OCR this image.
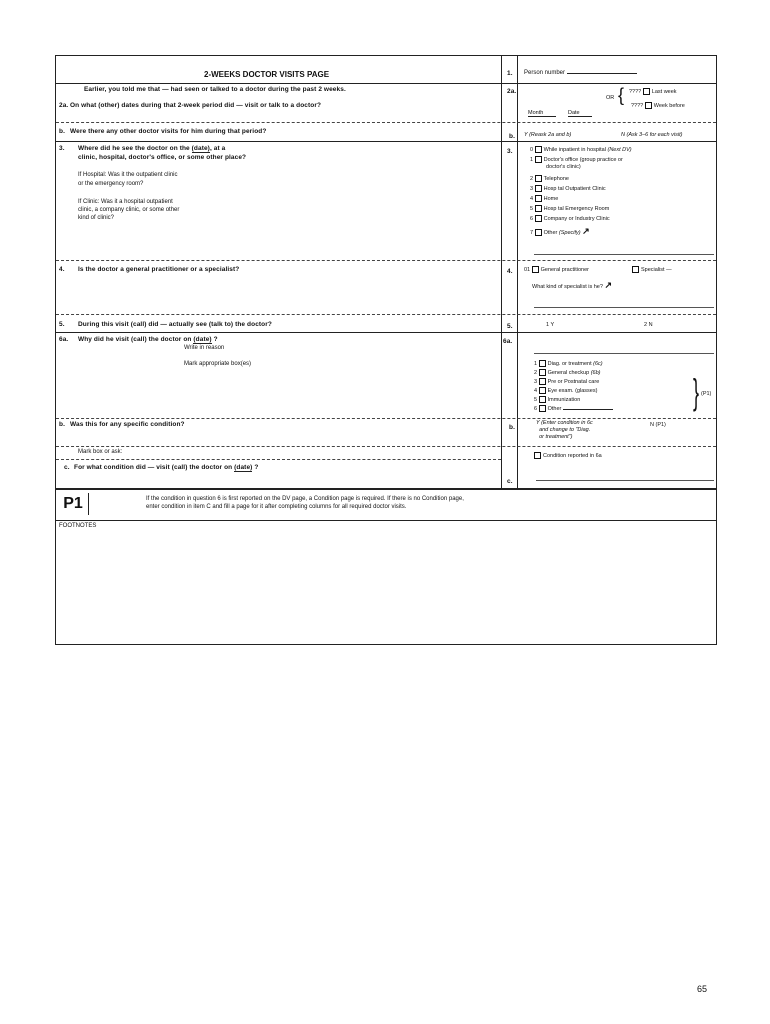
2-WEEKS DOCTOR VISITS PAGE	1. Person number
Earlier, you told me that — had seen or talked to a doctor during the past 2 weeks.
2a. On what (other) dates during that 2-week period did — visit or talk to a doctor?
2a.
OR { ???? Last week
???? Week before
Month	Date
b. Were there any other doctor visits for him during that period?
b. Y (Reask 2a and b)	N (Ask 3–6 for each visit)
3. Where did he see the doctor on the (date), at a
clinic, hospital, doctor's office, or some other place?
If Hospital: Was it the outpatient clinic
or the emergency room?
If Clinic: Was it a hospital outpatient
clinic, a company clinic, or some other
kind of clinic?
3.	0 While inpatient in hospital (Next DV)
1 Doctor's office (group practice or
doctor's clinic)
2 Telephone
3 Hosp tal Outpatient Clinic
4 Home
5 Hosp tal Emergency Room
6 Company or Industry Clinic
7 Other (Specify) ↗
4. Is the doctor a general practitioner or a specialist?	4. 01 General practitioner	Specialist —
What kind of specialist is he? ↗
5. During this visit (call) did — actually see (talk to) the doctor?	5.	1 Y	2 N
6a. Why did he visit (call) the doctor on (date) ?
Write in reason
Mark appropriate box(es)
6a.
1 Diag. or treatment (6c)
2 General checkup (6b)
3 Pre or Postnatal care
4 Eye exam. (glasses)
5 Immunization
6 Other	} (P1)
b. Was this for any specific condition?	b.
Y (Enter condition in 6c
and change to "Diag.
or treatment")
N (P1)
Mark box or ask:
Condition reported in 6a
c. For what condition did — visit (call) the doctor on (date) ?
c.
P1	If the condition in question 6 is first reported on the DV page, a Condition page is required. If there is no Condition page,
enter condition in item C and fill a page for it after completing columns for all required doctor visits.
FOOTNOTES
65
